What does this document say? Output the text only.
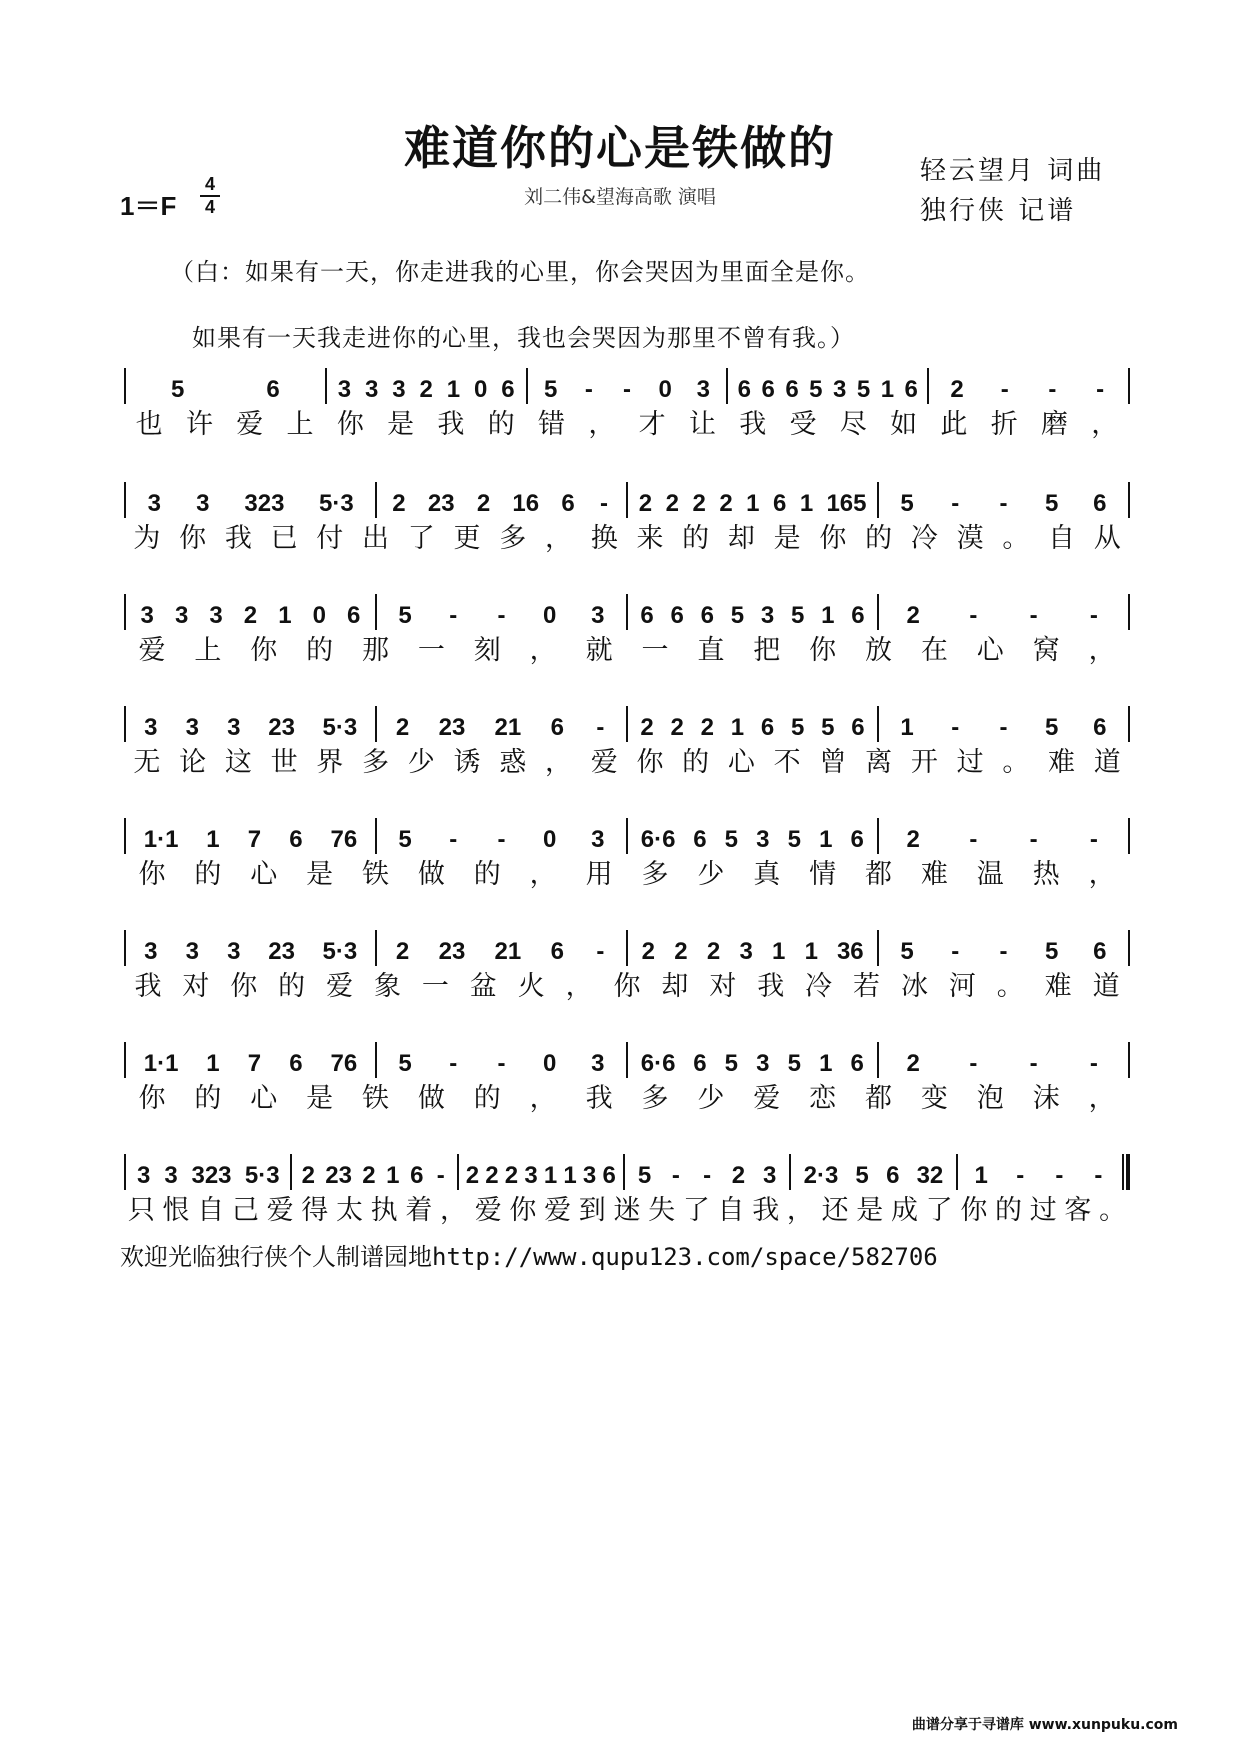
难道你的心是铁做的
刘二伟&望海高歌 演唱
1＝F
4
4
轻云望月 词曲
独行侠 记谱
（白：如果有一天，你走进我的心里，你会哭因为里面全是你。
如果有一天我走进你的心里，我也会哭因为那里不曾有我。）
5	6 3 3 3 2 1 0 6 5 - - 0 3 6 6 6 5 3 5 1 6 2 - - -
也 许 爱 上 你 是 我 的 错 ， 才 让 我 受 尽 如 此 折 磨 ，
3 3 323 5·3 2 23 2 16 6 - 2 2 2 2 1 6 1 165 5 - - 5 6
为 你 我 已 付 出 了 更 多 ， 换 来 的 却 是 你 的 冷 漠 。 自 从
3 3 3 2 1 0 6 5 - - 0 3 6 6 6 5 3 5 1 6 2 - - -
爱	上	你	的	那	一	刻	，	就	一	直	把	你	放	在	心	窝	，
3 3 3 23 5·3 2 23 21 6 - 2 2 2 1 6 5 5 6 1 - - 5 6
无 论 这 世 界 多 少 诱 惑 ， 爱 你 的 心 不 曾 离 开 过 。 难 道
1·1 1 7 6 76 5 - - 0 3 6·6 6 5 3 5 1 6 2 - - -
你	的	心	是	铁	做	的	，	用	多	少	真	情	都	难	温	热	，
3 3 3 23 5·3 2 23 21 6 - 2 2 2 3 1 1 36 5 - - 5 6
我 对 你 的 爱 象 一 盆 火 ， 你 却 对 我 冷 若 冰 河 。 难 道
1·1 1 7 6 76 5 - - 0 3 6·6 6 5 3 5 1 6 2 - - -
你	的	心	是	铁	做	的	，	我	多	少	爱	恋	都	变	泡	沫	，
3 3 323 5·3 2 23 2 1 6 - 2 2 2 3 1 1 3 6 5 - - 2 3 2·3 5 6 32 1 - - -
只 恨 自 己 爱 得 太 执 着 ， 爱 你 爱 到 迷 失 了 自 我 ， 还 是 成 了 你 的 过 客 。
欢迎光临独行侠个人制谱园地http://www.qupu123.com/space/582706
曲谱分享于寻谱库 www.xunpuku.com
